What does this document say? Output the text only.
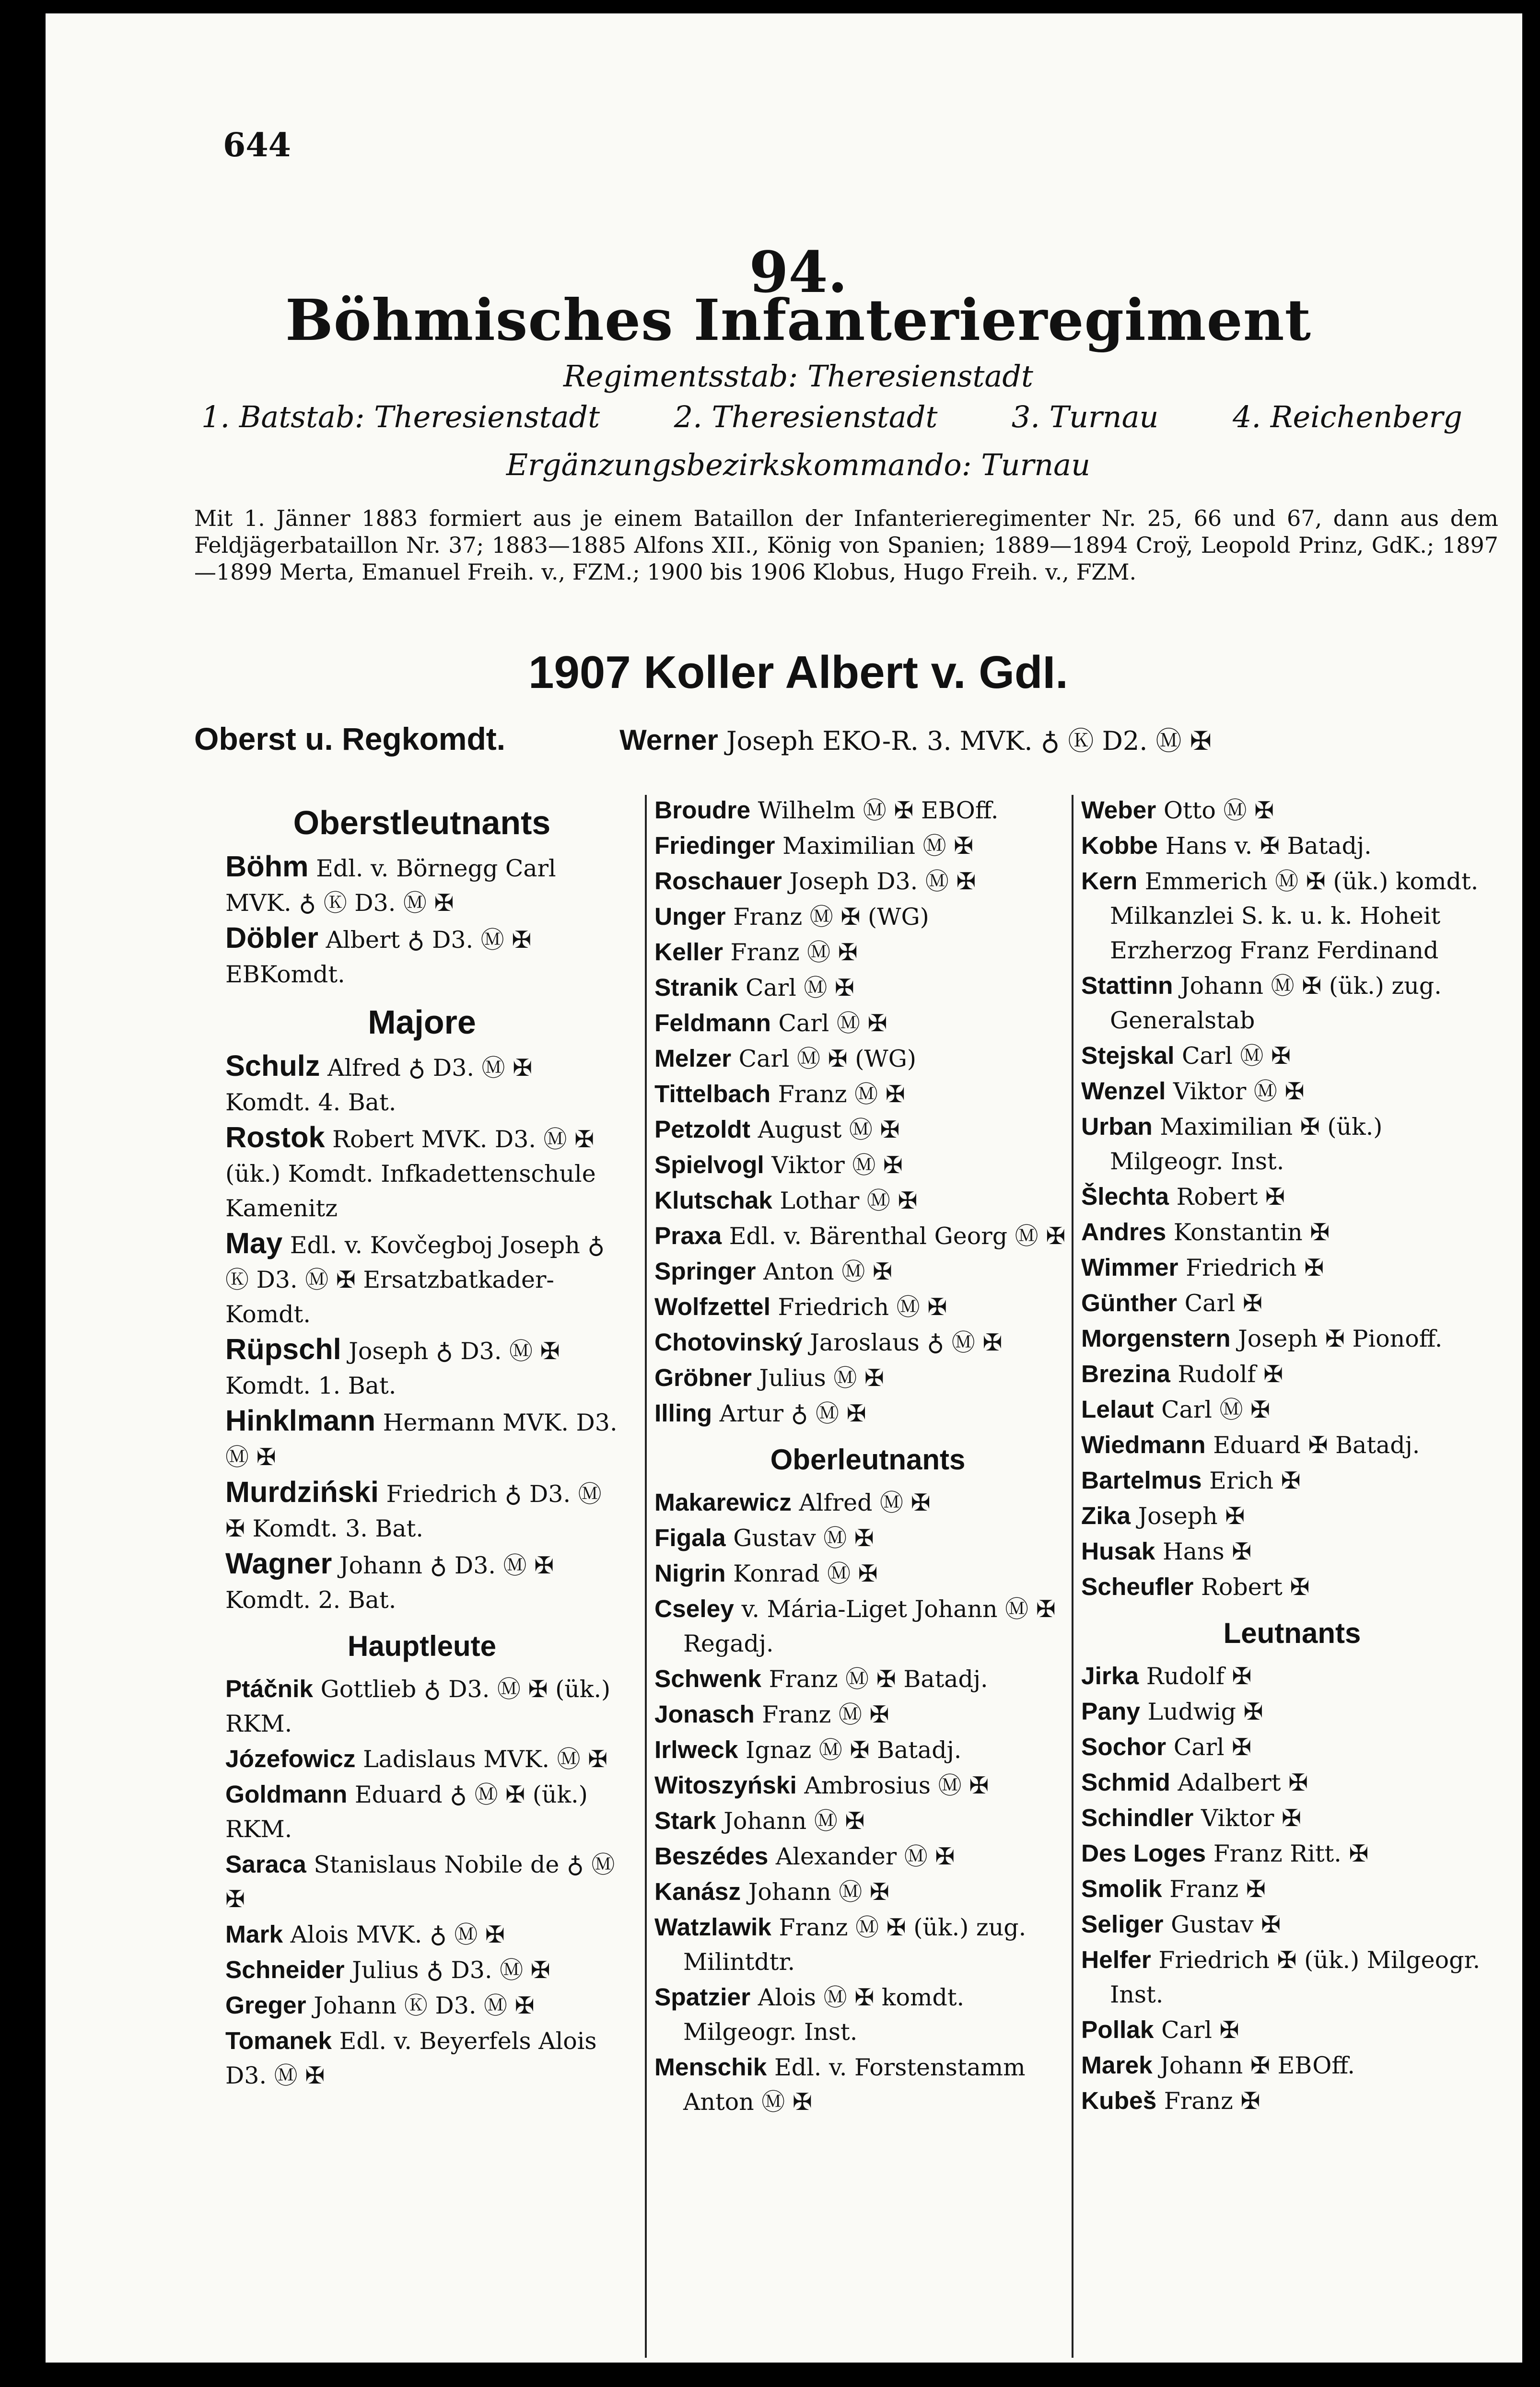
644
94.
Böhmisches Infanterieregiment
Regimentsstab: Theresienstadt
1. Batstab: Theresienstadt 2. Theresienstadt 3. Turnau 4. Reichenberg
Ergänzungsbezirkskommando: Turnau

Mit 1. Jänner 1883 formiert aus je einem Bataillon der Infanterieregimenter Nr. 25, 66 und 67, dann aus dem Feldjägerbataillon Nr. 37; 1883—1885 Alfons XII., König von Spanien; 1889—1894 Croÿ, Leopold Prinz, GdK.; 1897—1899 Merta, Emanuel Freih. v., FZM.; 1900 bis 1906 Klobus, Hugo Freih. v., FZM.

1907 Koller Albert v. GdI.
Oberst u. Regkomdt.	Werner Joseph EKO-R. 3. MVK. ♁ Ⓚ D2. Ⓜ ✠
Oberstleutnants
Böhm Edl. v. Börnegg Carl MVK. ♁ Ⓚ D3. Ⓜ ✠
Döbler Albert ♁ D3. Ⓜ ✠ EBKomdt.
Majore
Schulz Alfred ♁ D3. Ⓜ ✠ Komdt. 4. Bat.
Rostok Robert MVK. D3. Ⓜ ✠ (ük.) Komdt. Infkadettenschule Kamenitz
May Edl. v. Kovčegboj Joseph ♁ Ⓚ D3. Ⓜ ✠ Ersatzbatkader-Komdt.
Rüpschl Joseph ♁ D3. Ⓜ ✠ Komdt. 1. Bat.
Hinklmann Hermann MVK. D3. Ⓜ ✠
Murdziński Friedrich ♁ D3. Ⓜ ✠ Komdt. 3. Bat.
Wagner Johann ♁ D3. Ⓜ ✠ Komdt. 2. Bat.
Hauptleute
Ptáčnik Gottlieb ♁ D3. Ⓜ ✠ (ük.) RKM.
Józefowicz Ladislaus MVK. Ⓜ ✠
Goldmann Eduard ♁ Ⓜ ✠ (ük.) RKM.
Saraca Stanislaus Nobile de ♁ Ⓜ ✠
Mark Alois MVK. ♁ Ⓜ ✠
Schneider Julius ♁ D3. Ⓜ ✠
Greger Johann Ⓚ D3. Ⓜ ✠
Tomanek Edl. v. Beyerfels Alois D3. Ⓜ ✠
Broudre Wilhelm Ⓜ ✠ EBOff.
Friedinger Maximilian Ⓜ ✠
Roschauer Joseph D3. Ⓜ ✠
Unger Franz Ⓜ ✠ (WG)
Keller Franz Ⓜ ✠
Stranik Carl Ⓜ ✠
Feldmann Carl Ⓜ ✠
Melzer Carl Ⓜ ✠ (WG)
Tittelbach Franz Ⓜ ✠
Petzoldt August Ⓜ ✠
Spielvogl Viktor Ⓜ ✠
Klutschak Lothar Ⓜ ✠
Praxa Edl. v. Bärenthal Georg Ⓜ ✠
Springer Anton Ⓜ ✠
Wolfzettel Friedrich Ⓜ ✠
Chotovinský Jaroslaus ♁ Ⓜ ✠
Gröbner Julius Ⓜ ✠
Illing Artur ♁ Ⓜ ✠
Oberleutnants
Makarewicz Alfred Ⓜ ✠
Figala Gustav Ⓜ ✠
Nigrin Konrad Ⓜ ✠
Cseley v. Mária-Liget Johann Ⓜ ✠ Regadj.
Schwenk Franz Ⓜ ✠ Batadj.
Jonasch Franz Ⓜ ✠
Irlweck Ignaz Ⓜ ✠ Batadj.
Witoszyński Ambrosius Ⓜ ✠
Stark Johann Ⓜ ✠
Beszédes Alexander Ⓜ ✠
Kanász Johann Ⓜ ✠
Watzlawik Franz Ⓜ ✠ (ük.) zug. Milintdtr.
Spatzier Alois Ⓜ ✠ komdt. Milgeogr. Inst.
Menschik Edl. v. Forstenstamm Anton Ⓜ ✠
Weber Otto Ⓜ ✠
Kobbe Hans v. ✠ Batadj.
Kern Emmerich Ⓜ ✠ (ük.) komdt. Milkanzlei S. k. u. k. Hoheit Erzherzog Franz Ferdinand
Stattinn Johann Ⓜ ✠ (ük.) zug. Generalstab
Stejskal Carl Ⓜ ✠
Wenzel Viktor Ⓜ ✠
Urban Maximilian ✠ (ük.) Milgeogr. Inst.
Šlechta Robert ✠
Andres Konstantin ✠
Wimmer Friedrich ✠
Günther Carl ✠
Morgenstern Joseph ✠ Pionoff.
Brezina Rudolf ✠
Lelaut Carl Ⓜ ✠
Wiedmann Eduard ✠ Batadj.
Bartelmus Erich ✠
Zika Joseph ✠
Husak Hans ✠
Scheufler Robert ✠
Leutnants
Jirka Rudolf ✠
Pany Ludwig ✠
Sochor Carl ✠
Schmid Adalbert ✠
Schindler Viktor ✠
Des Loges Franz Ritt. ✠
Smolik Franz ✠
Seliger Gustav ✠
Helfer Friedrich ✠ (ük.) Milgeogr. Inst.
Pollak Carl ✠
Marek Johann ✠ EBOff.
Kubeš Franz ✠
